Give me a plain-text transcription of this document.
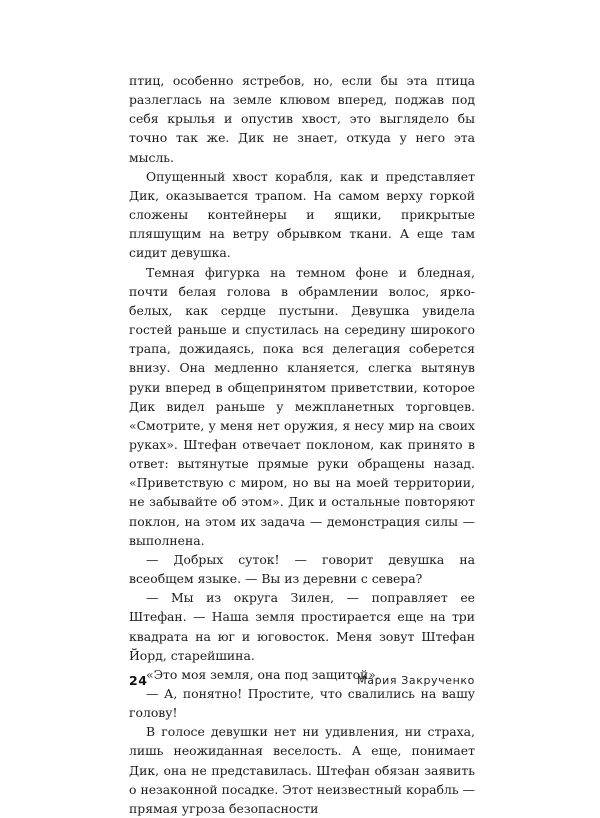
птиц, особенно ястребов, но, если бы эта птица разлеглась на земле клювом вперед, поджав под себя крылья и опустив хвост, это выглядело бы точно так же. Дик не знает, откуда у него эта мысль.

Опущенный хвост корабля, как и представляет Дик, оказывается трапом. На самом верху горкой сложены контейнеры и ящики, прикрытые пляшущим на ветру обрывком ткани. А еще там сидит девушка.

Темная фигурка на темном фоне и бледная, почти белая голова в обрамлении волос, ярко-белых, как сердце пустыни. Девушка увидела гостей раньше и спустилась на середину широкого трапа, дожидаясь, пока вся делегация соберется внизу. Она медленно кланяется, слегка вытянув руки вперед в общепринятом приветствии, которое Дик видел раньше у межпланетных торговцев. «Смотрите, у меня нет оружия, я несу мир на своих руках». Штефан отвечает поклоном, как принято в ответ: вытянутые прямые руки обращены назад. «Приветствую с миром, но вы на моей территории, не забывайте об этом». Дик и остальные повторяют поклон, на этом их задача — демонстрация силы — выполнена.

— Добрых суток! — говорит девушка на всеобщем языке. — Вы из деревни с севера?

— Мы из округа Зилен, — поправляет ее Штефан. — Наша земля простирается еще на три квадрата на юг и юговосток. Меня зовут Штефан Йорд, старейшина.

«Это моя земля, она под защитой».

— А, понятно! Простите, что свалились на вашу голову!

В голосе девушки нет ни удивления, ни страха, лишь неожиданная веселость. А еще, понимает Дик, она не представилась. Штефан обязан заявить о незаконной посадке. Этот неизвестный корабль — прямая угроза безопасности

24	Мария Закрученко
